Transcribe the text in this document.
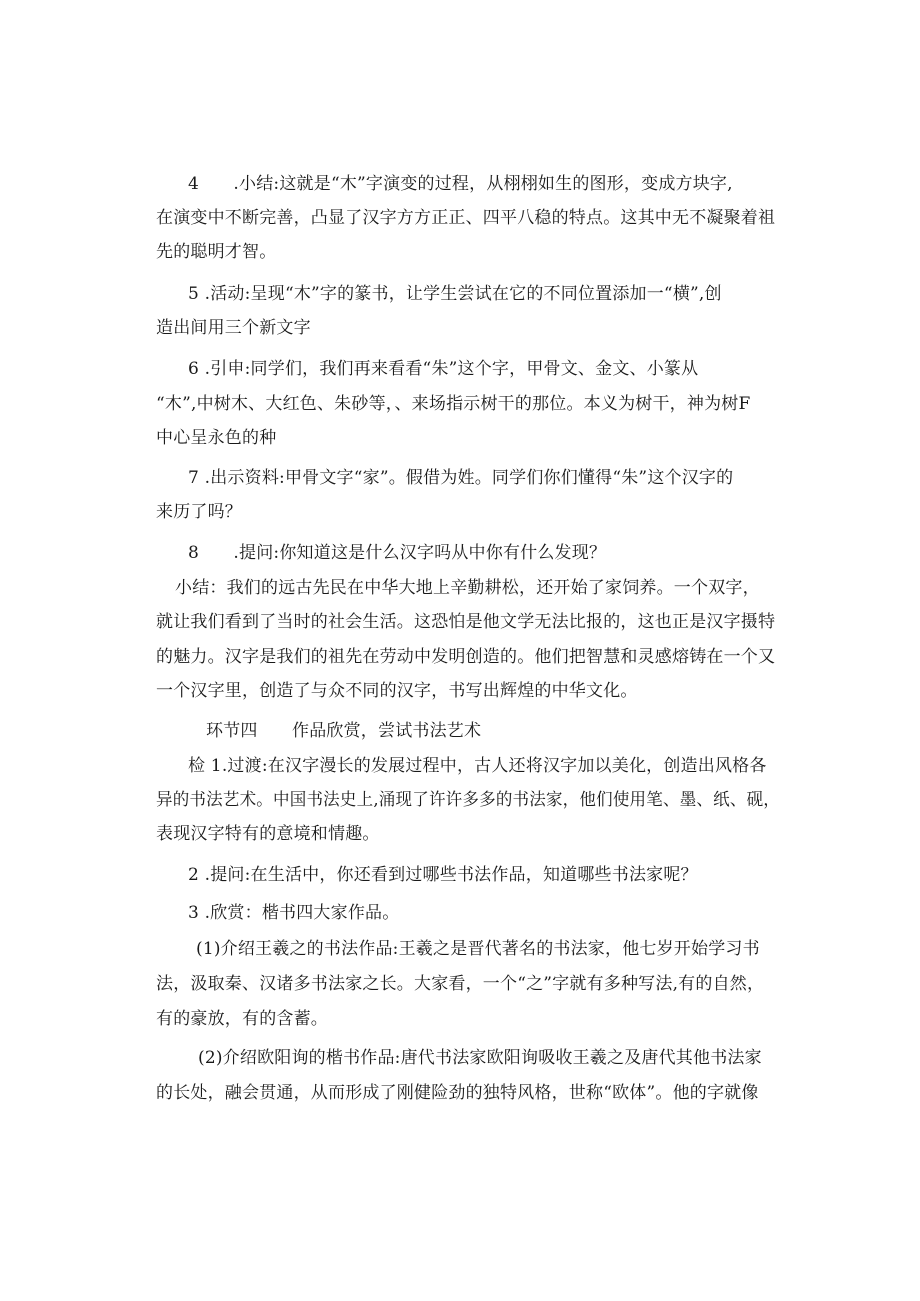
4　　.小结:这就是“木”字演变的过程，从栩栩如生的图形，变成方块字,
在演变中不断完善，凸显了汉字方方正正、四平八稳的特点。这其中无不凝聚着祖
先的聪明才智。
5 .活动:呈现“木”字的篆书，让学生尝试在它的不同位置添加一“横”,创
造出间用三个新文字
6 .引申:同学们，我们再来看看“朱”这个字，甲骨文、金文、小篆从
“木”,中树木、大红色、朱砂等，、来场指示树干的那位。本义为树干，神为树F
中心呈永色的种
7 .出示资料:甲骨文字“家”。假借为姓。同学们你们懂得“朱”这个汉字的
来历了吗？
8　　.提问:你知道这是什么汉字吗从中你有什么发现？
小结：我们的远古先民在中华大地上辛勤耕松，还开始了家饲养。一个双字，
就让我们看到了当时的社会生活。这恐怕是他文学无法比报的，这也正是汉字摄特
的魅力。汉字是我们的祖先在劳动中发明创造的。他们把智慧和灵感熔铸在一个又
一个汉字里，创造了与众不同的汉字，书写出辉煌的中华文化。
环节四　　作品欣赏，尝试书法艺术
检 1.过渡:在汉字漫长的发展过程中，古人还将汉字加以美化，创造出风格各
异的书法艺术。中国书法史上,涌现了许许多多的书法家，他们使用笔、墨、纸、砚，
表现汉字特有的意境和情趣。
2 .提问:在生活中，你还看到过哪些书法作品，知道哪些书法家呢？
3 .欣赏：楷书四大家作品。
(1)介绍王羲之的书法作品:王羲之是晋代著名的书法家，他七岁开始学习书
法，汲取秦、汉诸多书法家之长。大家看，一个“之”字就有多种写法,有的自然，
有的豪放，有的含蓄。
(2)介绍欧阳询的楷书作品:唐代书法家欧阳询吸收王羲之及唐代其他书法家
的长处，融会贯通，从而形成了刚健险劲的独特风格，世称“欧体”。他的字就像
